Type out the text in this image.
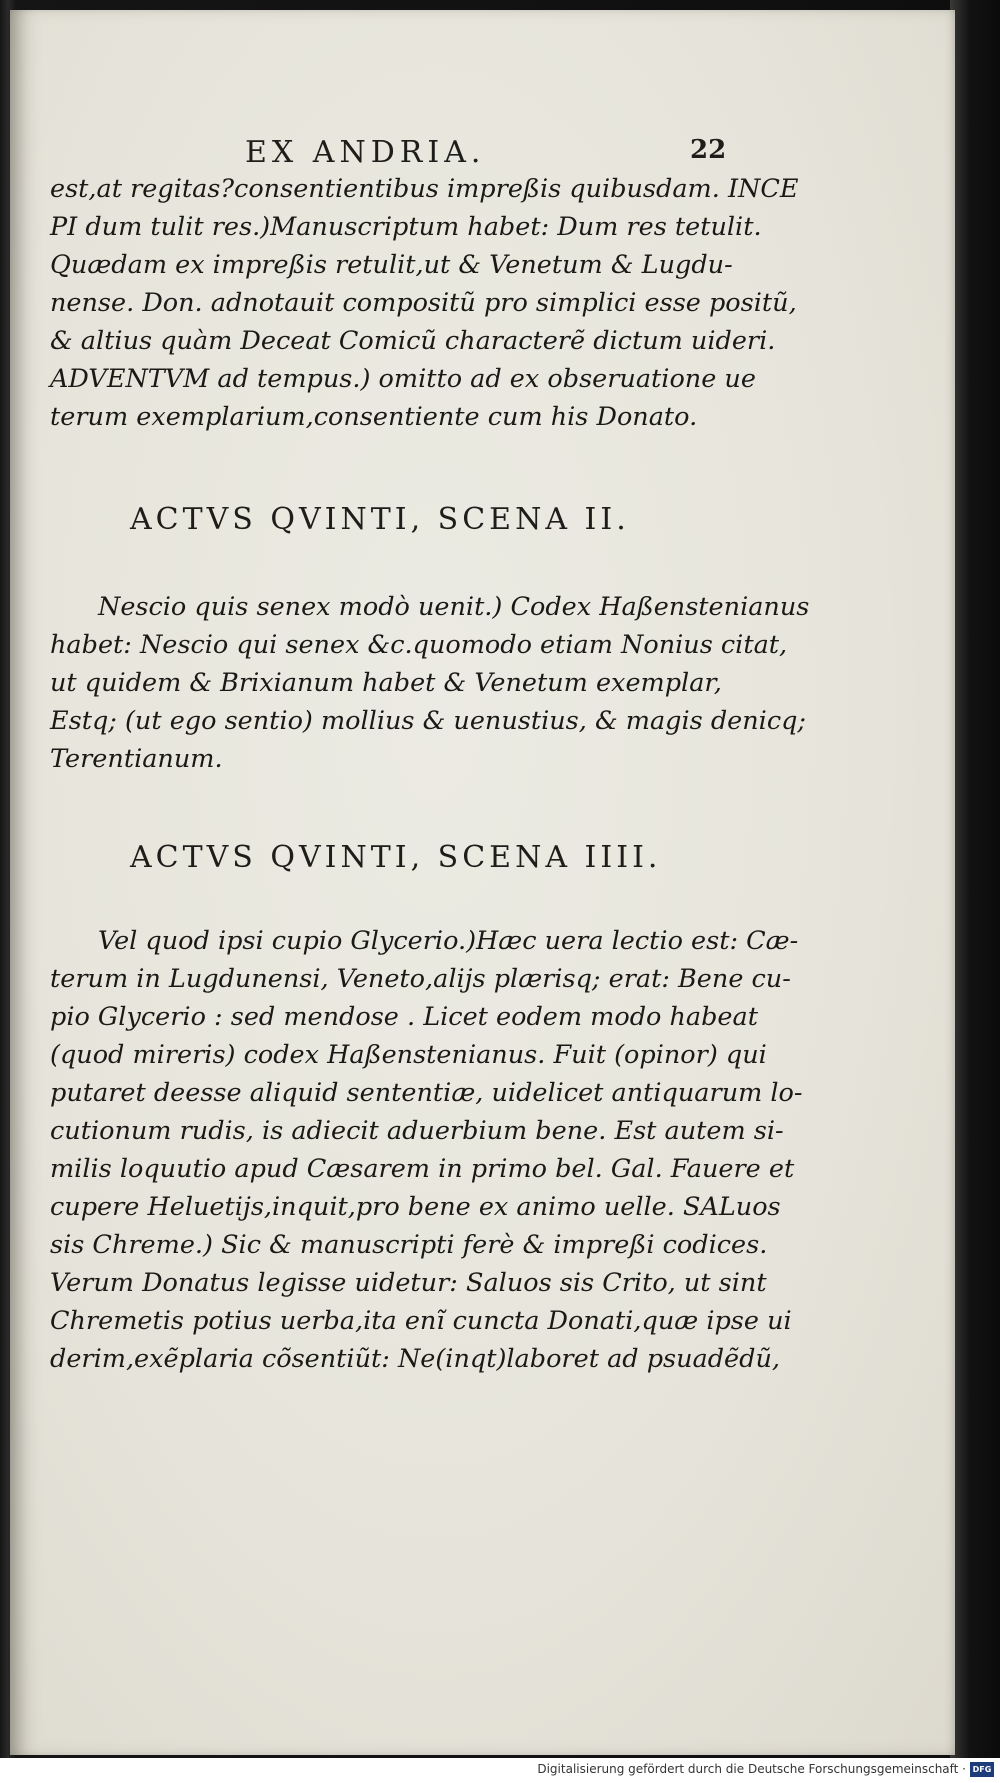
EX ANDRIA.	22
est,at regitas?consentientibus impreßis quibusdam. INCE
PI dum tulit res.)Manuscriptum habet: Dum res tetulit.
Quædam ex impreßis retulit,ut & Venetum & Lugdu-
nense. Don. adnotauit compositũ pro simplici esse positũ,
& altius quàm Deceat Comicũ characterẽ dictum uideri.
ADVENTVM ad tempus.) omitto ad ex obseruatione ue
terum exemplarium,consentiente cum his Donato.
ACTVS QVINTI, SCENA II.
Nescio quis senex modò uenit.) Codex Haßenstenianus
habet: Nescio qui senex &c.quomodo etiam Nonius citat,
ut quidem & Brixianum habet & Venetum exemplar,
Estq; (ut ego sentio) mollius & uenustius, & magis denicq;
Terentianum.
ACTVS QVINTI, SCENA IIII.
Vel quod ipsi cupio Glycerio.)Hæc uera lectio est: Cæ-
terum in Lugdunensi, Veneto,alijs plærisq; erat: Bene cu-
pio Glycerio : sed mendose . Licet eodem modo habeat
(quod mireris) codex Haßenstenianus. Fuit (opinor) qui
putaret deesse aliquid sententiæ, uidelicet antiquarum lo-
cutionum rudis, is adiecit aduerbium bene. Est autem si-
milis loquutio apud Cæsarem in primo bel. Gal. Fauere et
cupere Heluetijs,inquit,pro bene ex animo uelle. SALuos
sis Chreme.) Sic & manuscripti ferè & impreßi codices.
Verum Donatus legisse uidetur: Saluos sis Crito, ut sint
Chremetis potius uerba,ita enĩ cuncta Donati,quæ ipse ui
derim,exẽplaria cõsentiũt: Ne(inqt)laboret ad psuadẽdũ,
Digitalisierung gefördert durch die Deutsche Forschungsgemeinschaft · DFG
